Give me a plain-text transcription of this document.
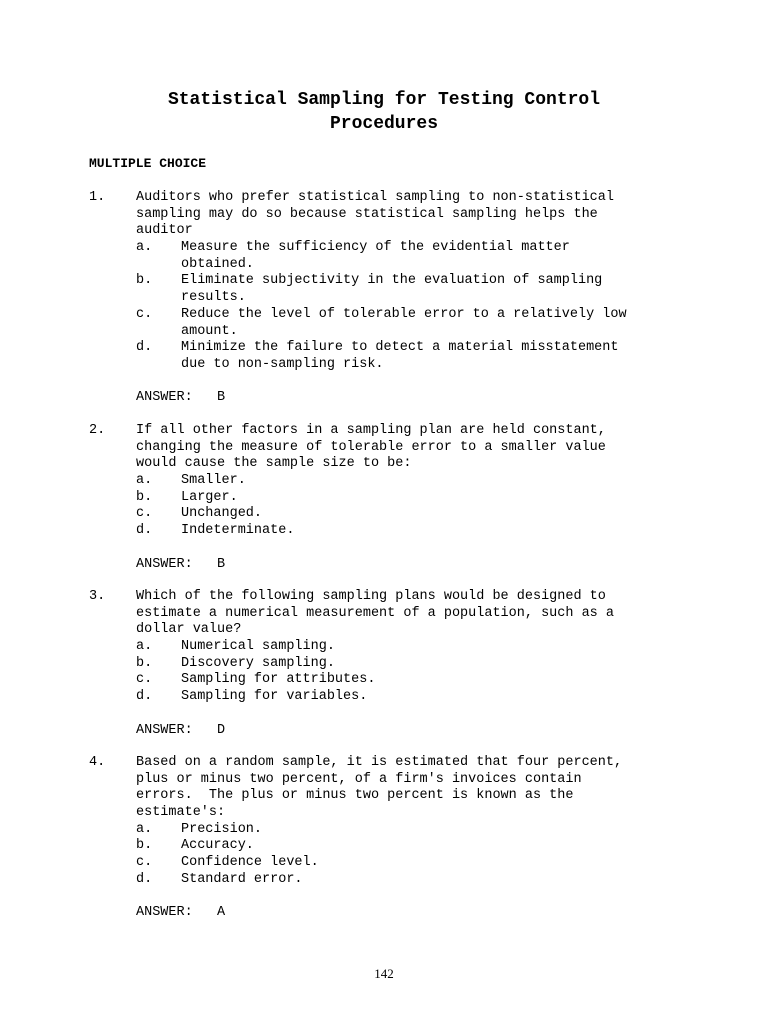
Statistical Sampling for Testing Control
Procedures
MULTIPLE CHOICE
1. Auditors who prefer statistical sampling to non-statistical
sampling may do so because statistical sampling helps the
auditor
a. Measure the sufficiency of the evidential matter
obtained.
b. Eliminate subjectivity in the evaluation of sampling
results.
c. Reduce the level of tolerable error to a relatively low
amount.
d. Minimize the failure to detect a material misstatement
due to non-sampling risk.
ANSWER: B
2. If all other factors in a sampling plan are held constant,
changing the measure of tolerable error to a smaller value
would cause the sample size to be:
a. Smaller.
b. Larger.
c. Unchanged.
d. Indeterminate.
ANSWER: B
3. Which of the following sampling plans would be designed to
estimate a numerical measurement of a population, such as a
dollar value?
a. Numerical sampling.
b. Discovery sampling.
c. Sampling for attributes.
d. Sampling for variables.
ANSWER: D
4. Based on a random sample, it is estimated that four percent,
plus or minus two percent, of a firm's invoices contain
errors.  The plus or minus two percent is known as the
estimate's:
a. Precision.
b. Accuracy.
c. Confidence level.
d. Standard error.
ANSWER: A
142
